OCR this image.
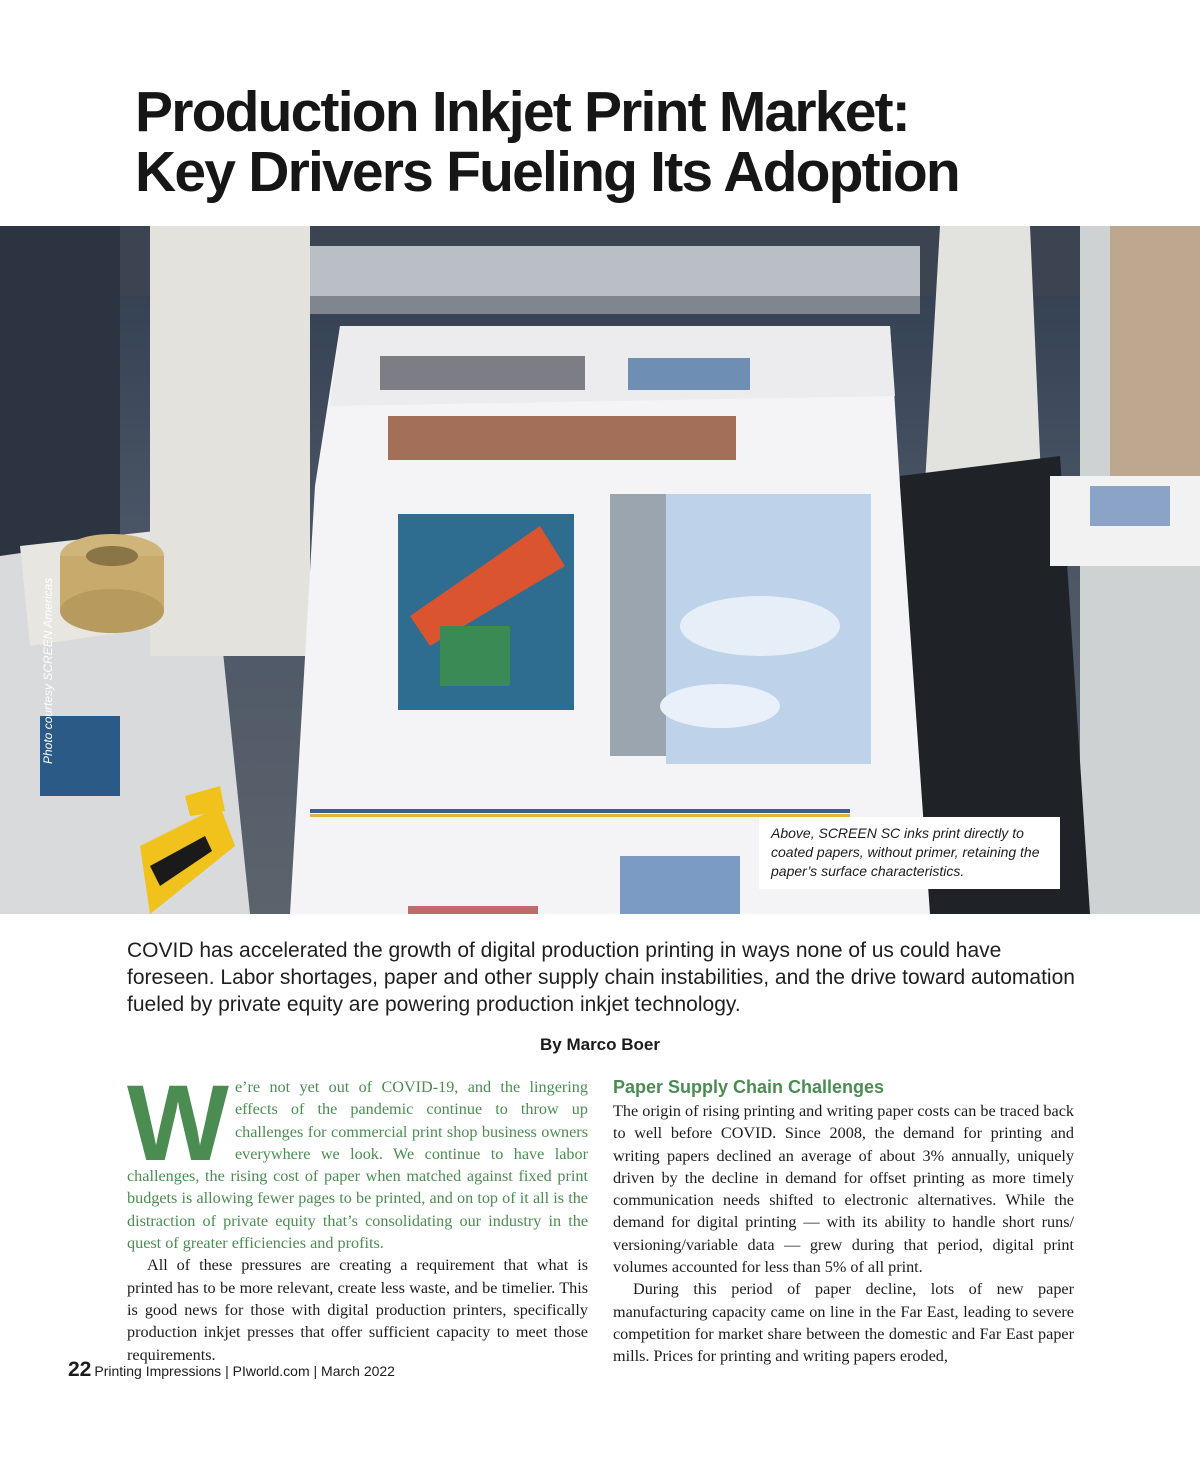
Production Inkjet Print Market:
Key Drivers Fueling Its Adoption
Photo courtesy SCREEN Americas
Above, SCREEN SC inks print directly to coated papers, without primer, retaining the paper’s surface characteristics.

COVID has accelerated the growth of digital production printing in ways none of us could have foreseen. Labor shortages, paper and other supply chain instabilities, and the drive toward automation fueled by private equity are powering production inkjet technology.

By Marco Boer
W e’re not yet out of COVID-19, and the lingering effects of the pandemic continue to throw up challenges for commercial print shop business owners everywhere we look. We continue to have labor challenges, the rising cost of paper when matched against fixed print budgets is allowing fewer pages to be printed, and on top of it all is the distraction of private equity that’s consolidating our industry in the quest of greater efficiencies and profits.

All of these pressures are creating a requirement that what is printed has to be more relevant, create less waste, and be timelier. This is good news for those with digital production printers, specifically production inkjet presses that offer sufficient capacity to meet those requirements.

Paper Supply Chain Challenges

The origin of rising printing and writing paper costs can be traced back to well before COVID. Since 2008, the demand for printing and writing papers declined an average of about 3% annually, uniquely driven by the decline in demand for offset printing as more timely communication needs shifted to electronic alternatives. While the demand for digital printing — with its ability to handle short runs/ versioning/variable data — grew during that period, digital print volumes accounted for less than 5% of all print.

During this period of paper decline, lots of new paper manufacturing capacity came on line in the Far East, leading to severe competition for market share between the domestic and Far East paper mills. Prices for printing and writing papers eroded,

22 Printing Impressions | PIworld.com | March 2022
